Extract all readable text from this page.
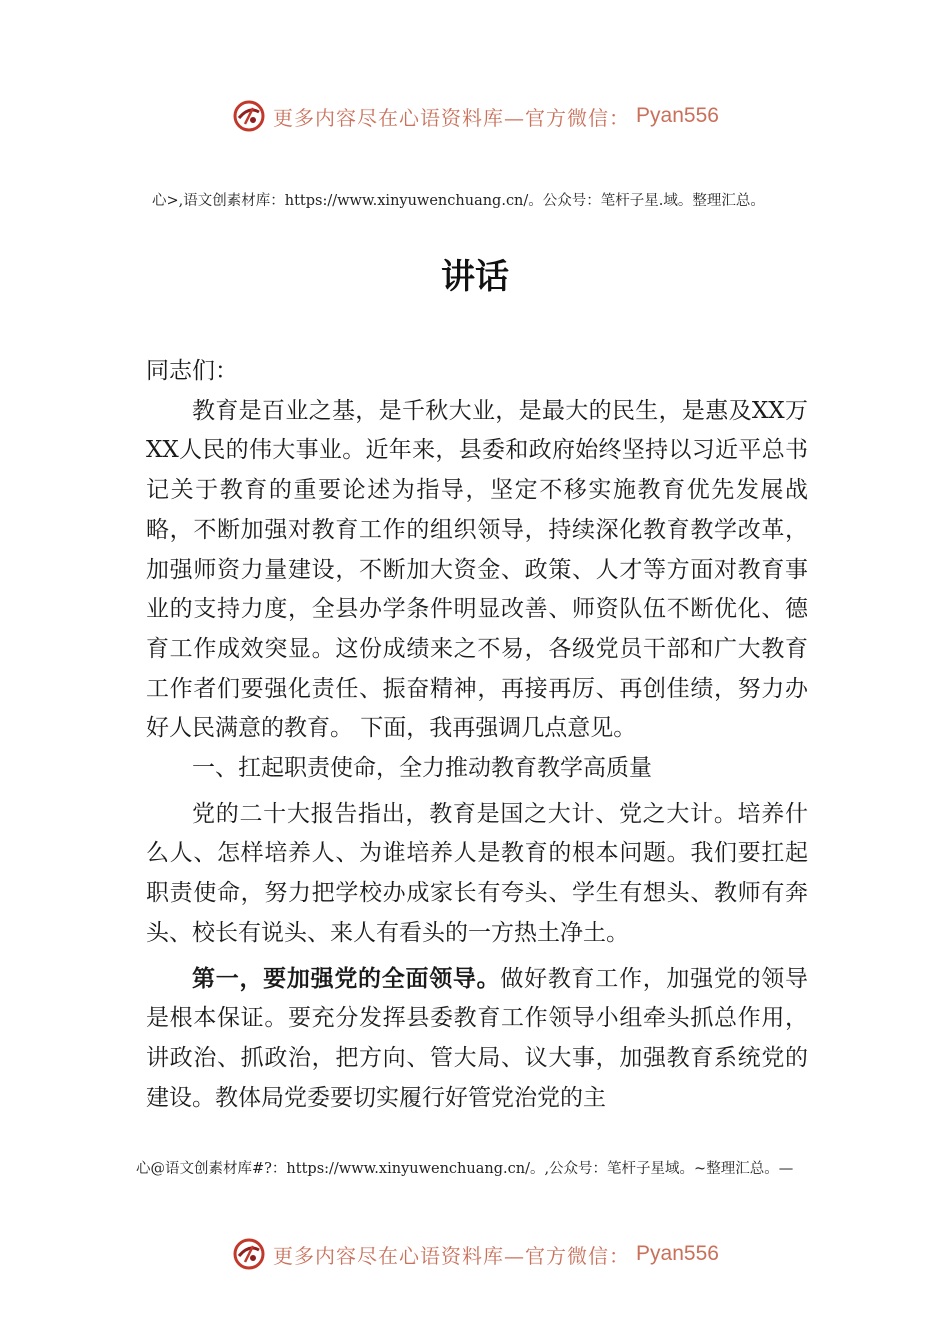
更多内容尽在心语资料库—官方微信： Pyan556

心>,语文创素材库：https://www.xinyuwenchuang.cn/。公众号：笔杆子星.域。整理汇总。

讲话

同志们：

教育是百业之基，是千秋大业，是最大的民生，是惠及XX万 XX人民的伟大事业。近年来，县委和政府始终坚持以习近平总书记关于教育的重要论述为指导，坚定不移实施教育优先发展战略，不断加强对教育工作的组织领导，持续深化教育教学改革，加强师资力量建设，不断加大资金、政策、人才等方面对教育事业的支持力度，全县办学条件明显改善、师资队伍不断优化、德育工作成效突显。这份成绩来之不易，各级党员干部和广大教育工作者们要强化责任、振奋精神，再接再厉、再创佳绩，努力办好人民满意的教育。 下面，我再强调几点意见。

一、扛起职责使命，全力推动教育教学高质量

党的二十大报告指出，教育是国之大计、党之大计。培养什么人、怎样培养人、为谁培养人是教育的根本问题。我们要扛起职责使命，努力把学校办成家长有夸头、学生有想头、教师有奔头、校长有说头、来人有看头的一方热土净土。

第一，要加强党的全面领导。做好教育工作，加强党的领导是根本保证。要充分发挥县委教育工作领导小组牵头抓总作用，讲政治、抓政治，把方向、管大局、议大事，加强教育系统党的建设。教体局党委要切实履行好管党治党的主

心@语文创素材库#?：https://www.xinyuwenchuang.cn/。,公众号：笔杆子星域。~整理汇总。—

更多内容尽在心语资料库—官方微信： Pyan556
